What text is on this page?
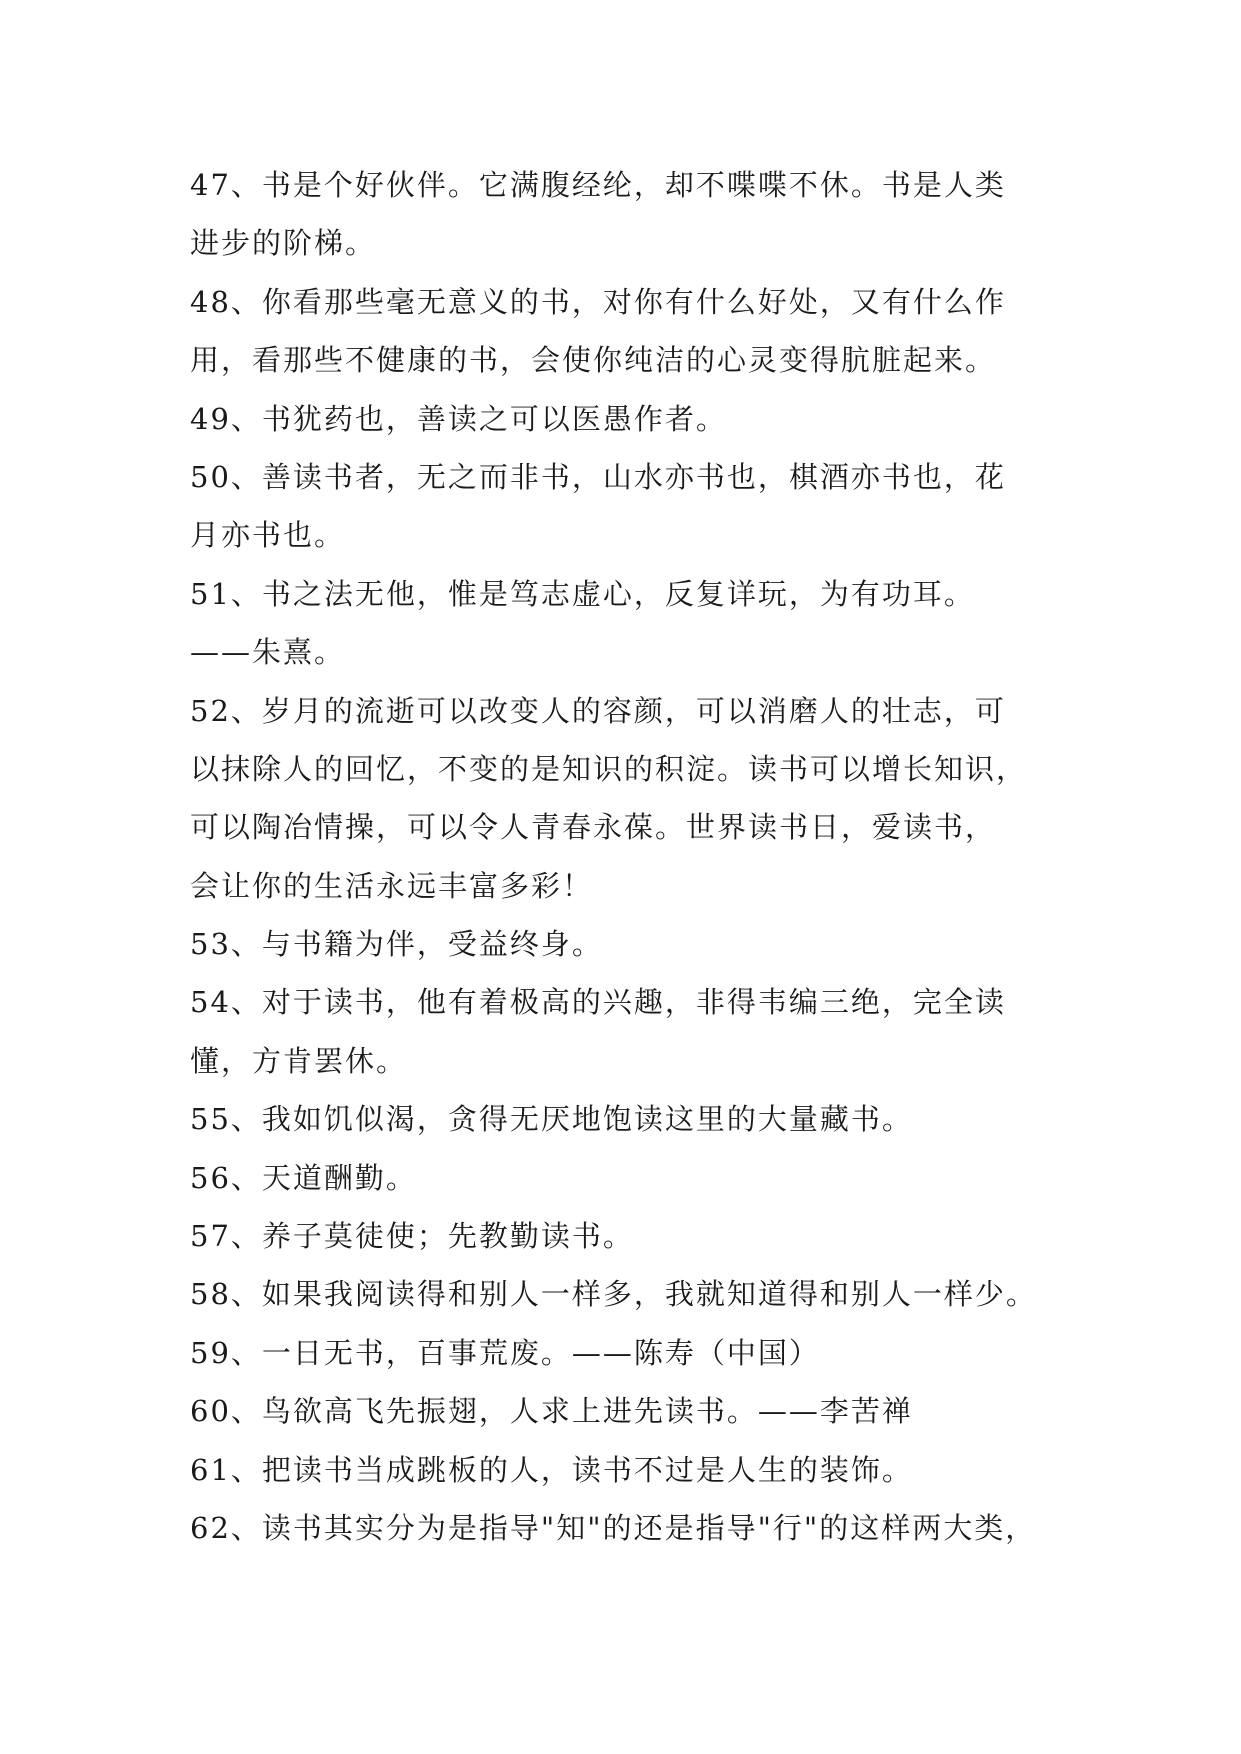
47、书是个好伙伴。它满腹经纶，却不喋喋不休。书是人类
进步的阶梯。
48、你看那些毫无意义的书，对你有什么好处，又有什么作
用，看那些不健康的书，会使你纯洁的心灵变得肮脏起来。
49、书犹药也，善读之可以医愚作者。
50、善读书者，无之而非书，山水亦书也，棋酒亦书也，花
月亦书也。
51、书之法无他，惟是笃志虚心，反复详玩，为有功耳。
——朱熹。
52、岁月的流逝可以改变人的容颜，可以消磨人的壮志，可
以抹除人的回忆，不变的是知识的积淀。读书可以增长知识，
可以陶冶情操，可以令人青春永葆。世界读书日，爱读书，
会让你的生活永远丰富多彩！
53、与书籍为伴，受益终身。
54、对于读书，他有着极高的兴趣，非得韦编三绝，完全读
懂，方肯罢休。
55、我如饥似渴，贪得无厌地饱读这里的大量藏书。
56、天道酬勤。
57、养子莫徒使；先教勤读书。
58、如果我阅读得和别人一样多，我就知道得和别人一样少。
59、一日无书，百事荒废。——陈寿（中国）
60、鸟欲高飞先振翅，人求上进先读书。——李苦禅
61、把读书当成跳板的人，读书不过是人生的装饰。
62、读书其实分为是指导"知"的还是指导"行"的这样两大类，
